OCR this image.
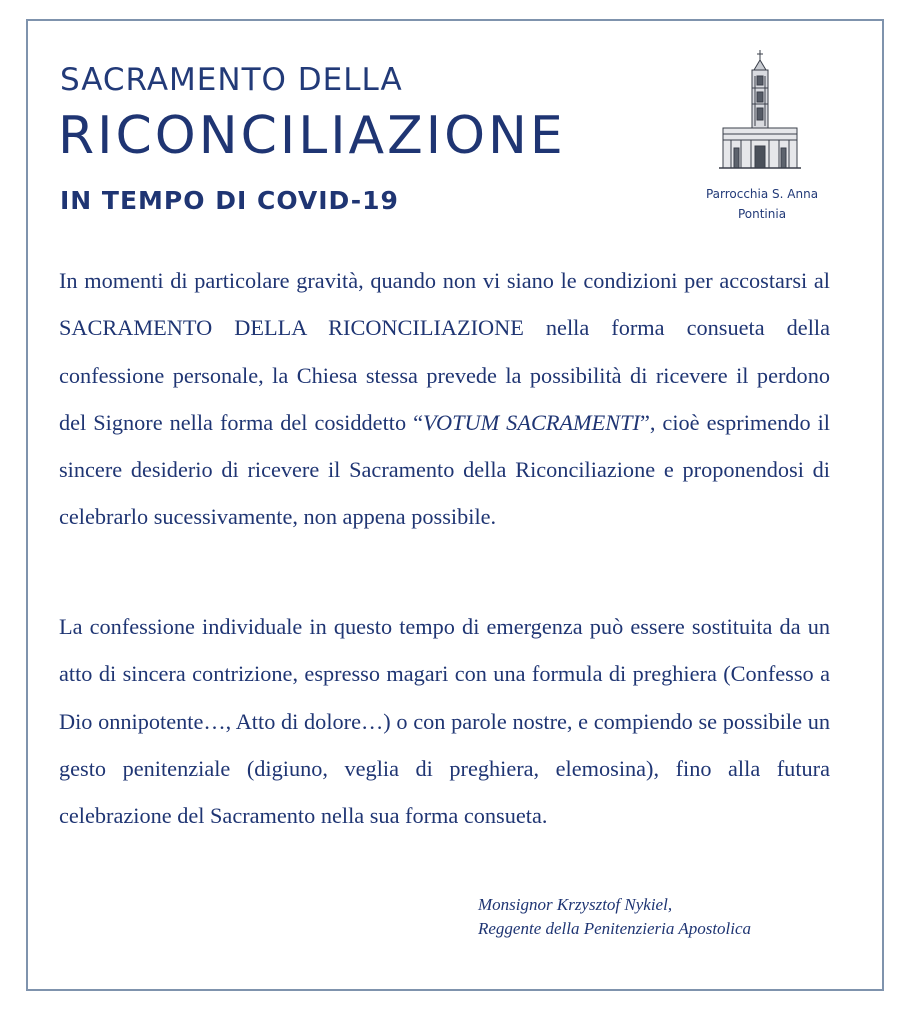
SACRAMENTO DELLA
RICONCILIAZIONE
IN TEMPO DI COVID-19	Parrocchia S. Anna
Pontinia

In momenti di particolare gravità, quando non vi siano le condizioni per accostarsi al SACRAMENTO DELLA RICONCILIAZIONE nella forma consueta della confessione personale, la Chiesa stessa prevede la possibilità di ricevere il perdono del Signore nella forma del cosiddetto “VOTUM SACRAMENTI”, cioè esprimendo il sincere desiderio di ricevere il Sacramento della Riconciliazione e proponendosi di celebrarlo sucessivamente, non appena possibile.

La confessione individuale in questo tempo di emergenza può essere sostituita da un atto di sincera contrizione, espresso magari con una formula di preghiera (Confesso a Dio onnipotente…, Atto di dolore…) o con parole nostre, e compiendo se possibile un gesto penitenziale (digiuno, veglia di preghiera, elemosina), fino alla futura celebrazione del Sacramento nella sua forma consueta.

Monsignor Krzysztof Nykiel,
Reggente della Penitenzieria Apostolica
